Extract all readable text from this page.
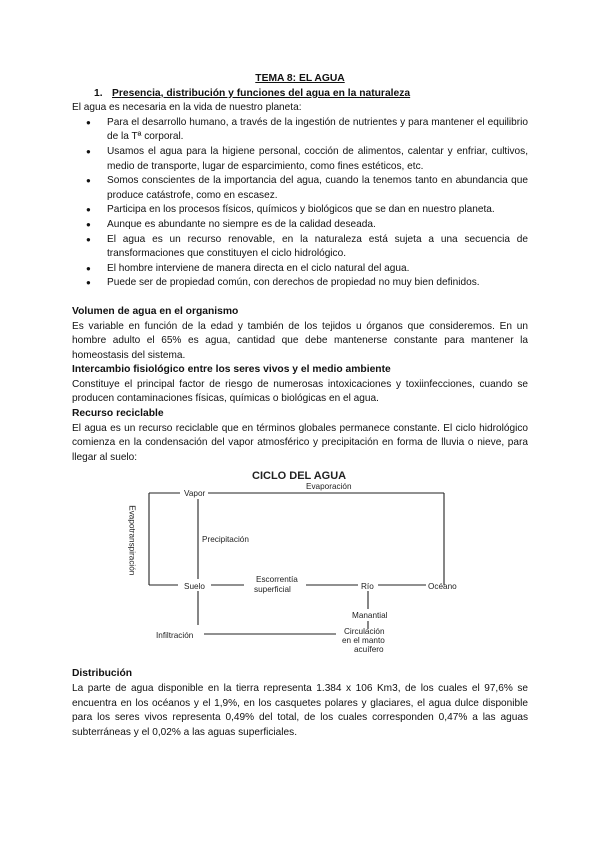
TEMA 8: EL AGUA

1. Presencia, distribución y funciones del agua en la naturaleza

El agua es necesaria en la vida de nuestro planeta:

● Para el desarrollo humano, a través de la ingestión de nutrientes y para mantener el equilibrio de la Tª corporal.
● Usamos el agua para la higiene personal, cocción de alimentos, calentar y enfriar, cultivos, medio de transporte, lugar de esparcimiento, como fines estéticos, etc.
● Somos conscientes de la importancia del agua, cuando la tenemos tanto en abundancia que produce catástrofe, como en escasez.
● Participa en los procesos físicos, químicos y biológicos que se dan en nuestro planeta.
● Aunque es abundante no siempre es de la calidad deseada.
● El agua es un recurso renovable, en la naturaleza está sujeta a una secuencia de transformaciones que constituyen el ciclo hidrológico.
● El hombre interviene de manera directa en el ciclo natural del agua.
● Puede ser de propiedad común, con derechos de propiedad no muy bien definidos.
Volumen de agua en el organismo

Es variable en función de la edad y también de los tejidos u órganos que consideremos. En un hombre adulto el 65% es agua, cantidad que debe mantenerse constante para mantener la homeostasis del sistema.

Intercambio fisiológico entre los seres vivos y el medio ambiente

Constituye el principal factor de riesgo de numerosas intoxicaciones y toxiinfecciones, cuando se producen contaminaciones físicas, químicas o biológicas en el agua.

Recurso reciclable

El agua es un recurso reciclable que en términos globales permanece constante. El ciclo hidrológico comienza en la condensación del vapor atmosférico y precipitación en forma de lluvia o nieve, para llegar al suelo:

CICLO DEL AGUA
Vapor
Evaporación
Evapotranspiración	Precipitación
Suelo
Escorrentía
superficial	Río	Océano
Manantial
Infiltración	Circulación
en el manto
acuífero
Distribución

La parte de agua disponible en la tierra representa 1.384 x 106 Km3, de los cuales el 97,6% se encuentra en los océanos y el 1,9%, en los casquetes polares y glaciares, el agua dulce disponible para los seres vivos representa 0,49% del total, de los cuales corresponden 0,47% a las aguas subterráneas y el 0,02% a las aguas superficiales.
